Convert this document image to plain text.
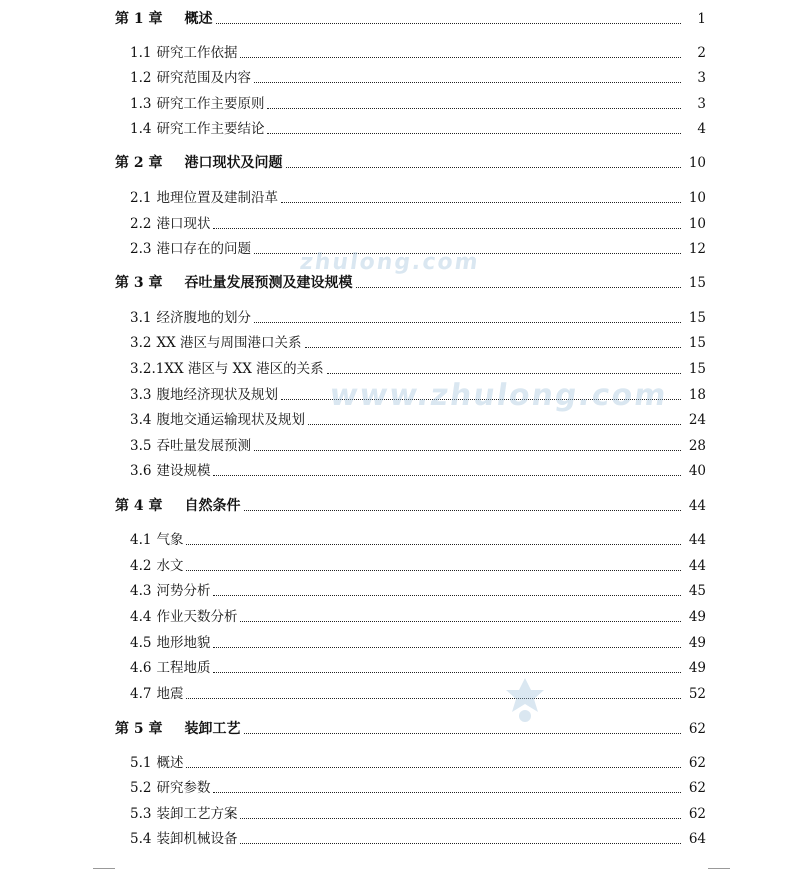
第 1 章 概述	1
1.1 研究工作依据	2
1.2 研究范围及内容	3
1.3 研究工作主要原则	3
1.4 研究工作主要结论	4
第 2 章 港口现状及问题	10
2.1 地理位置及建制沿革	10
2.2 港口现状	10
2.3 港口存在的问题	12
第 3 章 吞吐量发展预测及建设规模	15
3.1 经济腹地的划分	15
3.2 XX 港区与周围港口关系	15
3.2.1XX 港区与 XX 港区的关系	15
3.3 腹地经济现状及规划	18
3.4 腹地交通运输现状及规划	24
3.5 吞吐量发展预测	28
3.6 建设规模	40
第 4 章 自然条件	44
4.1 气象	44
4.2 水文	44
4.3 河势分析	45
4.4 作业天数分析	49
4.5 地形地貌	49
4.6 工程地质	49
4.7 地震	52
第 5 章 装卸工艺	62
5.1 概述	62
5.2 研究参数	62
5.3 装卸工艺方案	62
5.4 装卸机械设备	64
zhulong.com
www.zhulong.com
